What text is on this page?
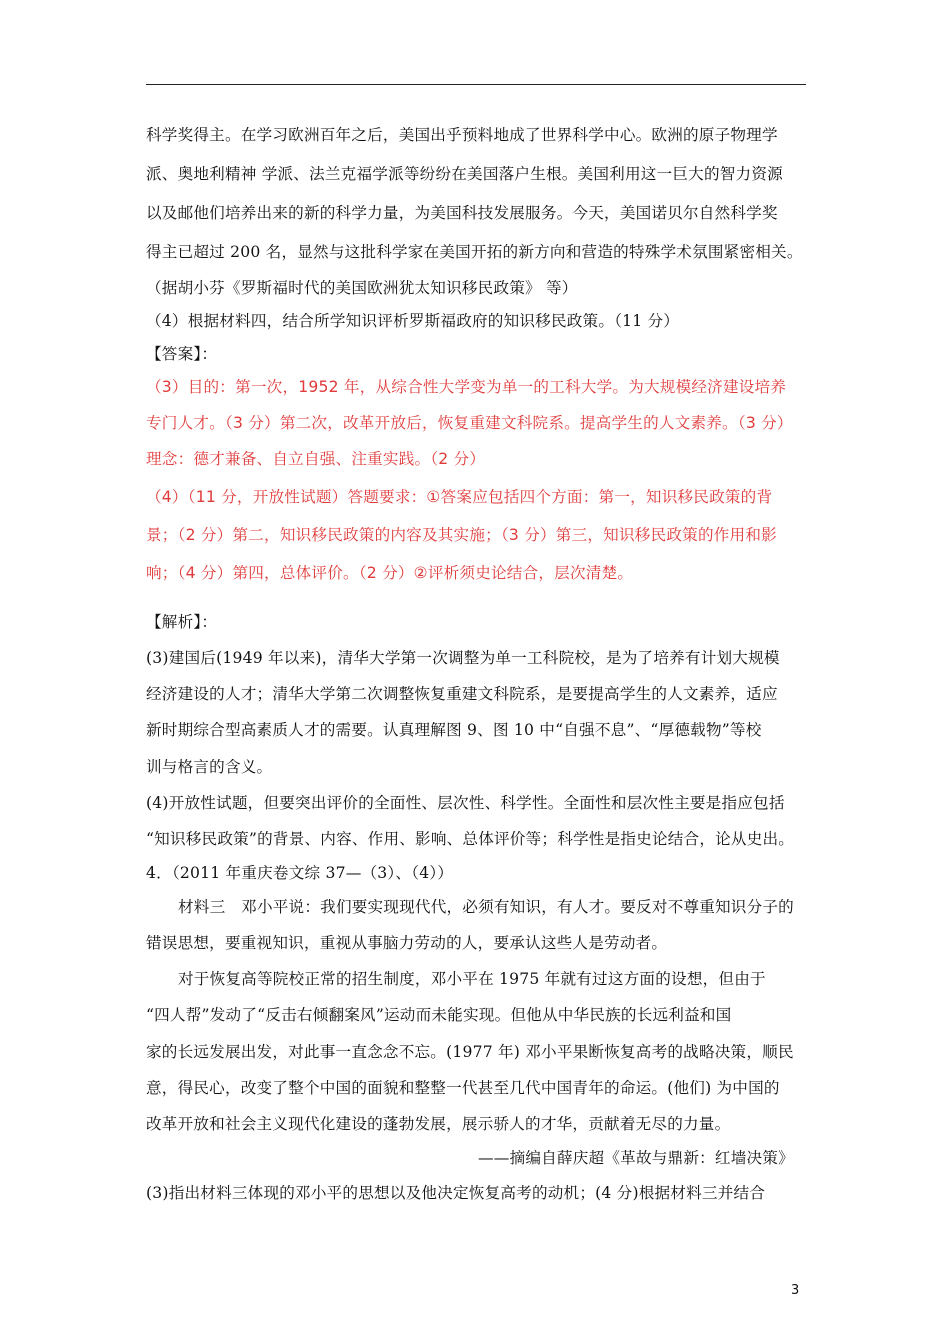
科学奖得主。在学习欧洲百年之后，美国出乎预料地成了世界科学中心。欧洲的原子物理学
派、奥地利精神 学派、法兰克福学派等纷纷在美国落户生根。美国利用这一巨大的智力资源
以及邮他们培养出来的新的科学力量，为美国科技发展服务。今天，美国诺贝尔自然科学奖
得主已超过 200 名，显然与这批科学家在美国开拓的新方向和营造的特殊学术氛围紧密相关。
（据胡小芬《罗斯福时代的美国欧洲犹太知识移民政策》 等）
（4）根据材料四，结合所学知识评析罗斯福政府的知识移民政策。（11 分）
【答案】：
（3）目的：第一次，1952 年，从综合性大学变为单一的工科大学。为大规模经济建设培养
专门人才。（3 分）第二次，改革开放后，恢复重建文科院系。提高学生的人文素养。（3 分）
理念：德才兼备、自立自强、注重实践。（2 分）
（4）（11 分，开放性试题）答题要求：①答案应包括四个方面：第一，知识移民政策的背
景；（2 分）第二，知识移民政策的内容及其实施；（3 分）第三，知识移民政策的作用和影
响；（4 分）第四，总体评价。（2 分）②评析须史论结合，层次清楚。
【解析】：
(3)建国后(1949 年以来)，清华大学第一次调整为单一工科院校，是为了培养有计划大规模
经济建设的人才；清华大学第二次调整恢复重建文科院系，是要提高学生的人文素养，适应
新时期综合型高素质人才的需要。认真理解图 9、图 10 中“自强不息”、“厚德载物”等校
训与格言的含义。
(4)开放性试题，但要突出评价的全面性、层次性、科学性。全面性和层次性主要是指应包括
“知识移民政策”的背景、内容、作用、影响、总体评价等；科学性是指史论结合，论从史出。
4．（2011 年重庆卷文综 37—（3）、（4））
材料三　邓小平说：我们要实现现代代，必须有知识，有人才。要反对不尊重知识分子的
错误思想，要重视知识，重视从事脑力劳动的人，要承认这些人是劳动者。
对于恢复高等院校正常的招生制度，邓小平在 1975 年就有过这方面的设想，但由于
“四人帮”发动了“反击右倾翻案风”运动而未能实现。但他从中华民族的长远利益和国
家的长远发展出发，对此事一直念念不忘。(1977 年) 邓小平果断恢复高考的战略决策，顺民
意，得民心，改变了整个中国的面貌和整整一代甚至几代中国青年的命运。(他们) 为中国的
改革开放和社会主义现代化建设的蓬勃发展，展示骄人的才华，贡献着无尽的力量。
——摘编自薛庆超《革故与鼎新：红墙决策》
(3)指出材料三体现的邓小平的思想以及他决定恢复高考的动机；(4 分)根据材料三并结合
3
